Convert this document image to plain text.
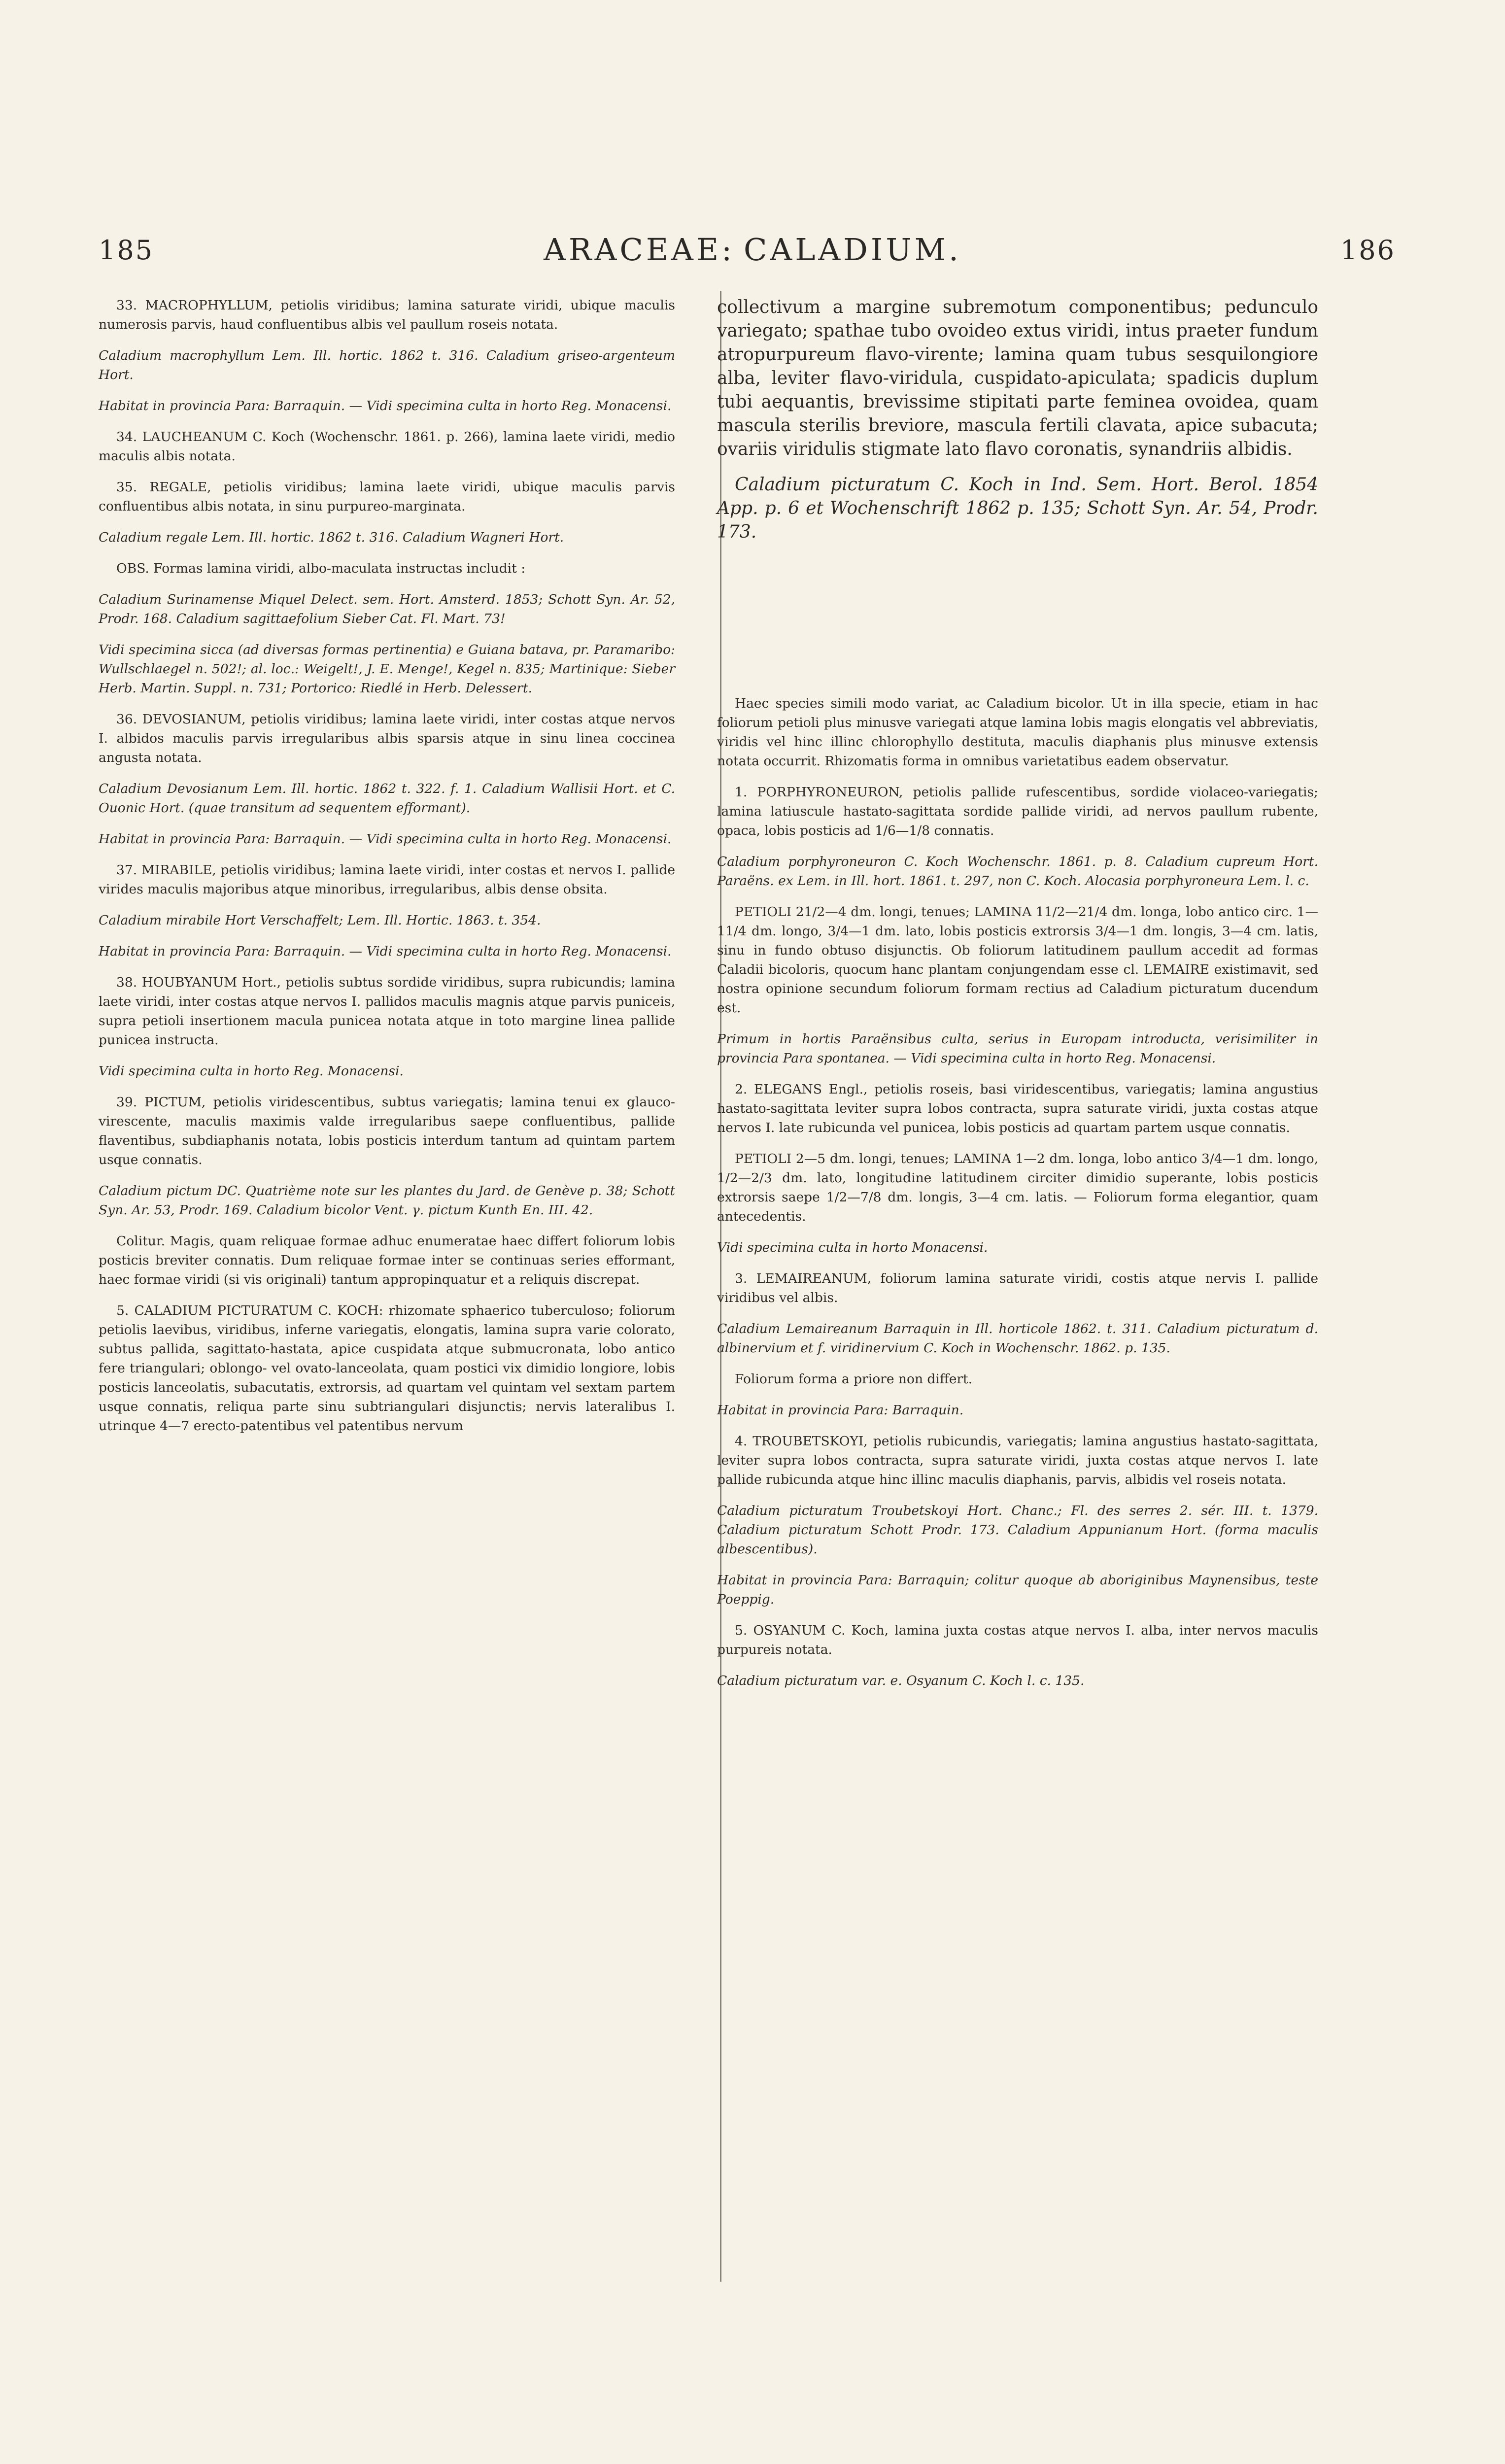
185	ARACEAE: CALADIUM.	186

33. MACROPHYLLUM, petiolis viridibus; lamina saturate viridi, ubique maculis numerosis parvis, haud confluentibus albis vel paullum roseis notata.

Caladium macrophyllum Lem. Ill. hortic. 1862 t. 316. Caladium griseo-argenteum Hort.

Habitat in provincia Para: Barraquin. — Vidi specimina culta in horto Reg. Monacensi.

34. LAUCHEANUM C. Koch (Wochenschr. 1861. p. 266), lamina laete viridi, medio maculis albis notata.

35. REGALE, petiolis viridibus; lamina laete viridi, ubique maculis parvis confluentibus albis notata, in sinu purpureo-marginata.

Caladium regale Lem. Ill. hortic. 1862 t. 316. Caladium Wagneri Hort.

OBS. Formas lamina viridi, albo-maculata instructas includit :

Caladium Surinamense Miquel Delect. sem. Hort. Amsterd. 1853; Schott Syn. Ar. 52, Prodr. 168. Caladium sagittaefolium Sieber Cat. Fl. Mart. 73!

Vidi specimina sicca (ad diversas formas pertinentia) e Guiana batava, pr. Paramaribo: Wullschlaegel n. 502!; al. loc.: Weigelt!, J. E. Menge!, Kegel n. 835; Martinique: Sieber Herb. Martin. Suppl. n. 731; Portorico: Riedlé in Herb. Delessert.

36. DEVOSIANUM, petiolis viridibus; lamina laete viridi, inter costas atque nervos I. albidos maculis parvis irregularibus albis sparsis atque in sinu linea coccinea angusta notata.

Caladium Devosianum Lem. Ill. hortic. 1862 t. 322. f. 1. Caladium Wallisii Hort. et C. Ouonic Hort. (quae transitum ad sequentem efformant).

Habitat in provincia Para: Barraquin. — Vidi specimina culta in horto Reg. Monacensi.

37. MIRABILE, petiolis viridibus; lamina laete viridi, inter costas et nervos I. pallide virides maculis majoribus atque minoribus, irregularibus, albis dense obsita.

Caladium mirabile Hort Verschaffelt; Lem. Ill. Hortic. 1863. t. 354.

Habitat in provincia Para: Barraquin. — Vidi specimina culta in horto Reg. Monacensi.

38. HOUBYANUM Hort., petiolis subtus sordide viridibus, supra rubicundis; lamina laete viridi, inter costas atque nervos I. pallidos maculis magnis atque parvis puniceis, supra petioli insertionem macula punicea notata atque in toto margine linea pallide punicea instructa.

Vidi specimina culta in horto Reg. Monacensi.

39. PICTUM, petiolis viridescentibus, subtus variegatis; lamina tenui ex glauco-virescente, maculis maximis valde irregularibus saepe confluentibus, pallide flaventibus, subdiaphanis notata, lobis posticis interdum tantum ad quintam partem usque connatis.

Caladium pictum DC. Quatrième note sur les plantes du Jard. de Genève p. 38; Schott Syn. Ar. 53, Prodr. 169. Caladium bicolor Vent. γ. pictum Kunth En. III. 42.

Colitur. Magis, quam reliquae formae adhuc enumeratae haec differt foliorum lobis posticis breviter connatis. Dum reliquae formae inter se continuas series efformant, haec formae viridi (si vis originali) tantum appropinquatur et a reliquis discrepat.

5. CALADIUM PICTURATUM C. KOCH: rhizomate sphaerico tuberculoso; foliorum petiolis laevibus, viridibus, inferne variegatis, elongatis, lamina supra varie colorato, subtus pallida, sagittato-hastata, apice cuspidata atque submucronata, lobo antico fere triangulari; oblongo- vel ovato-lanceolata, quam postici vix dimidio longiore, lobis posticis lanceolatis, subacutatis, extrorsis, ad quartam vel quintam vel sextam partem usque connatis, reliqua parte sinu subtriangulari disjunctis; nervis lateralibus I. utrinque 4—7 erecto-patentibus vel patentibus nervum

collectivum a margine subremotum componentibus; pedunculo variegato; spathae tubo ovoideo extus viridi, intus praeter fundum atropurpureum flavo-virente; lamina quam tubus sesquilongiore alba, leviter flavo-viridula, cuspidato-apiculata; spadicis duplum tubi aequantis, brevissime stipitati parte feminea ovoidea, quam mascula sterilis breviore, mascula fertili clavata, apice subacuta; ovariis viridulis stigmate lato flavo coronatis, synandriis albidis.

Caladium picturatum C. Koch in Ind. Sem. Hort. Berol. 1854 App. p. 6 et Wochenschrift 1862 p. 135; Schott Syn. Ar. 54, Prodr. 173.

Haec species simili modo variat, ac Caladium bicolor. Ut in illa specie, etiam in hac foliorum petioli plus minusve variegati atque lamina lobis magis elongatis vel abbreviatis, viridis vel hinc illinc chlorophyllo destituta, maculis diaphanis plus minusve extensis notata occurrit. Rhizomatis forma in omnibus varietatibus eadem observatur.

1. PORPHYRONEURON, petiolis pallide rufescentibus, sordide violaceo-variegatis; lamina latiuscule hastato-sagittata sordide pallide viridi, ad nervos paullum rubente, opaca, lobis posticis ad 1/6—1/8 connatis.

Caladium porphyroneuron C. Koch Wochenschr. 1861. p. 8. Caladium cupreum Hort. Paraëns. ex Lem. in Ill. hort. 1861. t. 297, non C. Koch. Alocasia porphyroneura Lem. l. c.

PETIOLI 21/2—4 dm. longi, tenues; LAMINA 11/2—21/4 dm. longa, lobo antico circ. 1—11/4 dm. longo, 3/4—1 dm. lato, lobis posticis extrorsis 3/4—1 dm. longis, 3—4 cm. latis, sinu in fundo obtuso disjunctis. Ob foliorum latitudinem paullum accedit ad formas Caladii bicoloris, quocum hanc plantam conjungendam esse cl. LEMAIRE existimavit, sed nostra opinione secundum foliorum formam rectius ad Caladium picturatum ducendum est.

Primum in hortis Paraënsibus culta, serius in Europam introducta, verisimiliter in provincia Para spontanea. — Vidi specimina culta in horto Reg. Monacensi.

2. ELEGANS Engl., petiolis roseis, basi viridescentibus, variegatis; lamina angustius hastato-sagittata leviter supra lobos contracta, supra saturate viridi, juxta costas atque nervos I. late rubicunda vel punicea, lobis posticis ad quartam partem usque connatis.

PETIOLI 2—5 dm. longi, tenues; LAMINA 1—2 dm. longa, lobo antico 3/4—1 dm. longo, 1/2—2/3 dm. lato, longitudine latitudinem circiter dimidio superante, lobis posticis extrorsis saepe 1/2—7/8 dm. longis, 3—4 cm. latis. — Foliorum forma elegantior, quam antecedentis.

Vidi specimina culta in horto Monacensi.

3. LEMAIREANUM, foliorum lamina saturate viridi, costis atque nervis I. pallide viridibus vel albis.

Caladium Lemaireanum Barraquin in Ill. horticole 1862. t. 311. Caladium picturatum d. albinervium et f. viridinervium C. Koch in Wochenschr. 1862. p. 135.

Foliorum forma a priore non differt.

Habitat in provincia Para: Barraquin.

4. TROUBETSKOYI, petiolis rubicundis, variegatis; lamina angustius hastato-sagittata, leviter supra lobos contracta, supra saturate viridi, juxta costas atque nervos I. late pallide rubicunda atque hinc illinc maculis diaphanis, parvis, albidis vel roseis notata.

Caladium picturatum Troubetskoyi Hort. Chanc.; Fl. des serres 2. sér. III. t. 1379. Caladium picturatum Schott Prodr. 173. Caladium Appunianum Hort. (forma maculis albescentibus).

Habitat in provincia Para: Barraquin; colitur quoque ab aboriginibus Maynensibus, teste Poeppig.

5. OSYANUM C. Koch, lamina juxta costas atque nervos I. alba, inter nervos maculis purpureis notata.

Caladium picturatum var. e. Osyanum C. Koch l. c. 135.
